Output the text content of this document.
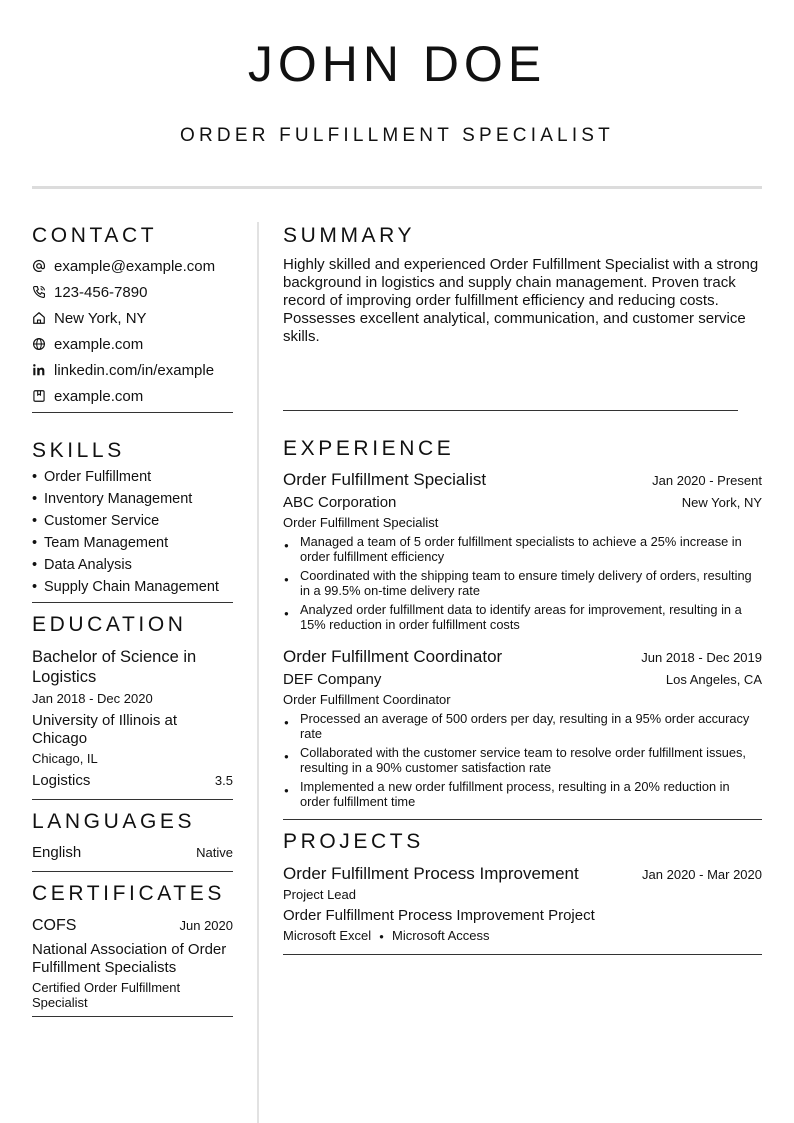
JOHN DOE
ORDER FULFILLMENT SPECIALIST
CONTACT
example@example.com
123-456-7890
New York, NY
example.com
linkedin.com/in/example
example.com
SKILLS
• Order Fulfillment
• Inventory Management
• Customer Service
• Team Management
• Data Analysis
• Supply Chain Management
EDUCATION
Bachelor of Science in Logistics
Jan 2018 - Dec 2020
University of Illinois at Chicago
Chicago, IL
Logistics	3.5
LANGUAGES
English	Native
CERTIFICATES
COFS	Jun 2020
National Association of Order Fulfillment Specialists
Certified Order Fulfillment Specialist
SUMMARY
Highly skilled and experienced Order Fulfillment Specialist with a strong background in logistics and supply chain management. Proven track record of improving order fulfillment efficiency and reducing costs. Possesses excellent analytical, communication, and customer service skills.
EXPERIENCE
Order Fulfillment Specialist	Jan 2020 - Present
ABC Corporation	New York, NY
Order Fulfillment Specialist
● Managed a team of 5 order fulfillment specialists to achieve a 25% increase in order fulfillment efficiency
● Coordinated with the shipping team to ensure timely delivery of orders, resulting in a 99.5% on-time delivery rate
● Analyzed order fulfillment data to identify areas for improvement, resulting in a 15% reduction in order fulfillment costs
Order Fulfillment Coordinator	Jun 2018 - Dec 2019
DEF Company	Los Angeles, CA
Order Fulfillment Coordinator
● Processed an average of 500 orders per day, resulting in a 95% order accuracy rate
● Collaborated with the customer service team to resolve order fulfillment issues, resulting in a 90% customer satisfaction rate
● Implemented a new order fulfillment process, resulting in a 20% reduction in order fulfillment time
PROJECTS
Order Fulfillment Process Improvement	Jan 2020 - Mar 2020
Project Lead
Order Fulfillment Process Improvement Project
Microsoft Excel ● Microsoft Access
